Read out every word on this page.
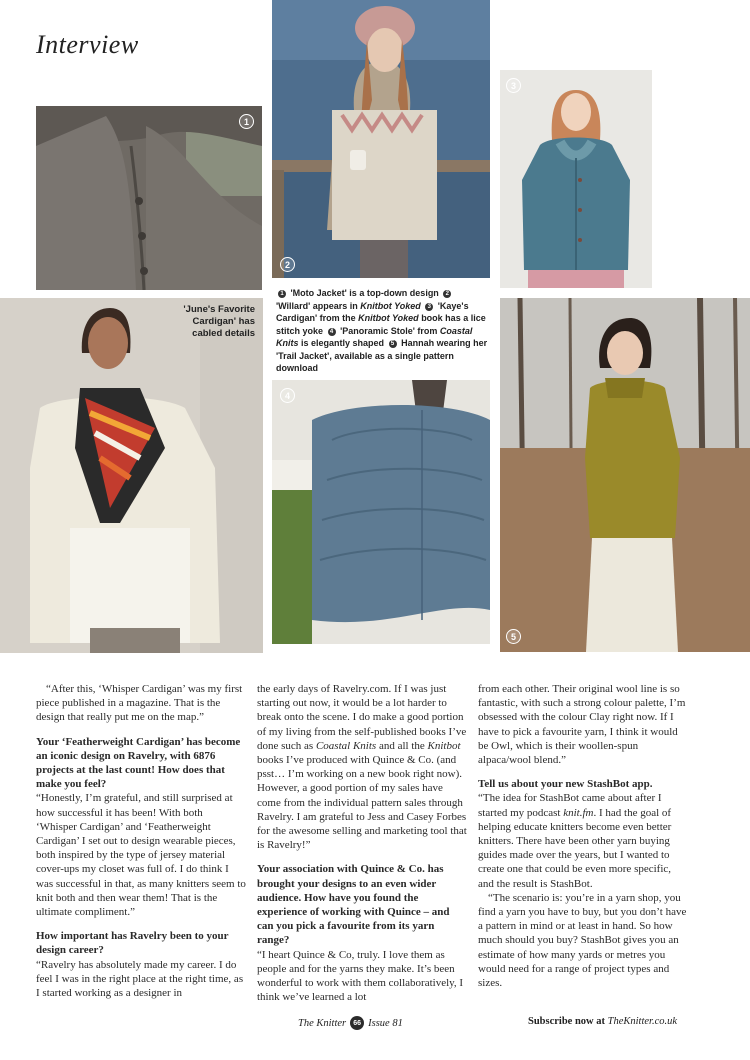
Interview
1
2
3
'June's Favorite Cardigan' has cabled details
1 'Moto Jacket' is a top-down design 2 'Willard' appears in Knitbot Yoked 3 'Kaye's Cardigan' from the Knitbot Yoked book has a lice stitch yoke 4 'Panoramic Stole' from Coastal Knits is elegantly shaped 5 Hannah wearing her 'Trail Jacket', available as a single pattern download
4
5

“After this, ‘Whisper Cardigan’ was my first piece published in a magazine. That is the design that really put me on the map.”

Your ‘Featherweight Cardigan’ has become an iconic design on Ravelry, with 6876 projects at the last count! How does that make you feel?
“Honestly, I’m grateful, and still surprised at how successful it has been! With both ‘Whisper Cardigan’ and ‘Featherweight Cardigan’ I set out to design wearable pieces, both inspired by the type of jersey material cover-ups my closet was full of. I do think I was successful in that, as many knitters seem to knit both and then wear them! That is the ultimate compliment.”

How important has Ravelry been to your design career?
“Ravelry has absolutely made my career. I do feel I was in the right place at the right time, as I started working as a designer in

the early days of Ravelry.com. If I was just starting out now, it would be a lot harder to break onto the scene. I do make a good portion of my living from the self-published books I’ve done such as Coastal Knits and all the Knitbot books I’ve produced with Quince & Co. (and psst… I’m working on a new book right now). However, a good portion of my sales have come from the individual pattern sales through Ravelry. I am grateful to Jess and Casey Forbes for the awesome selling and marketing tool that is Ravelry!”

Your association with Quince & Co. has brought your designs to an even wider audience. How have you found the experience of working with Quince – and can you pick a favourite from its yarn range?
“I heart Quince & Co, truly. I love them as people and for the yarns they make. It’s been wonderful to work with them collaboratively, I think we’ve learned a lot

from each other. Their original wool line is so fantastic, with such a strong colour palette, I’m obsessed with the colour Clay right now. If I have to pick a favourite yarn, I think it would be Owl, which is their woollen-spun alpaca/wool blend.”

Tell us about your new StashBot app.
“The idea for StashBot came about after I started my podcast knit.fm. I had the goal of helping educate knitters become even better knitters. There have been other yarn buying guides made over the years, but I wanted to create one that could be even more specific, and the result is StashBot.

“The scenario is: you’re in a yarn shop, you find a yarn you have to buy, but you don’t have a pattern in mind or at least in hand. So how much should you buy? StashBot gives you an estimate of how many yards or metres you would need for a range of project types and sizes.

The Knitter	66 Issue 81	Subscribe now at TheKnitter.co.uk
